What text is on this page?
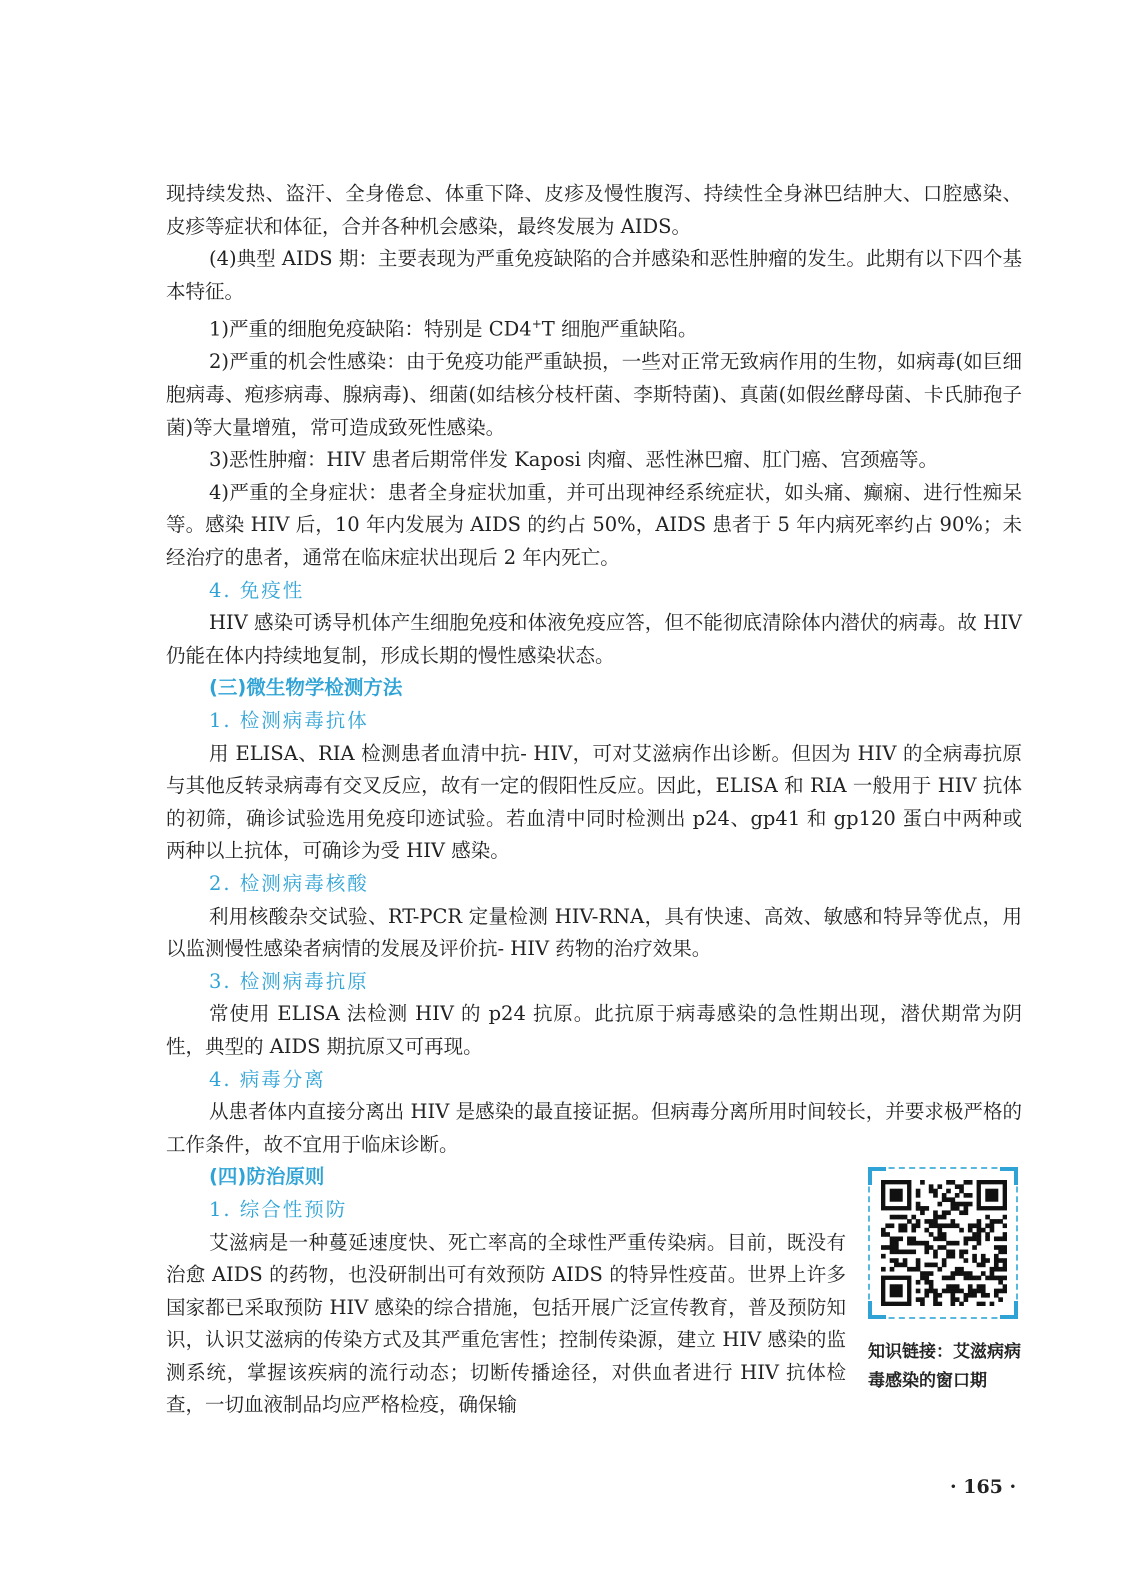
现持续发热、盗汗、全身倦怠、体重下降、皮疹及慢性腹泻、持续性全身淋巴结肿大、口腔感染、皮疹等症状和体征，合并各种机会感染，最终发展为 AIDS。

(4)典型 AIDS 期：主要表现为严重免疫缺陷的合并感染和恶性肿瘤的发生。此期有以下四个基本特征。

1)严重的细胞免疫缺陷：特别是 CD4+T 细胞严重缺陷。

2)严重的机会性感染：由于免疫功能严重缺损，一些对正常无致病作用的生物，如病毒(如巨细胞病毒、疱疹病毒、腺病毒)、细菌(如结核分枝杆菌、李斯特菌)、真菌(如假丝酵母菌、卡氏肺孢子菌)等大量增殖，常可造成致死性感染。

3)恶性肿瘤：HIV 患者后期常伴发 Kaposi 肉瘤、恶性淋巴瘤、肛门癌、宫颈癌等。

4)严重的全身症状：患者全身症状加重，并可出现神经系统症状，如头痛、癫痫、进行性痴呆等。感染 HIV 后，10 年内发展为 AIDS 的约占 50%，AIDS 患者于 5 年内病死率约占 90%；未经治疗的患者，通常在临床症状出现后 2 年内死亡。

4. 免疫性

HIV 感染可诱导机体产生细胞免疫和体液免疫应答，但不能彻底清除体内潜伏的病毒。故 HIV 仍能在体内持续地复制，形成长期的慢性感染状态。

(三)微生物学检测方法
1. 检测病毒抗体

用 ELISA、RIA 检测患者血清中抗- HIV，可对艾滋病作出诊断。但因为 HIV 的全病毒抗原与其他反转录病毒有交叉反应，故有一定的假阳性反应。因此，ELISA 和 RIA 一般用于 HIV 抗体的初筛，确诊试验选用免疫印迹试验。若血清中同时检测出 p24、gp41 和 gp120 蛋白中两种或两种以上抗体，可确诊为受 HIV 感染。

2. 检测病毒核酸

利用核酸杂交试验、RT-PCR 定量检测 HIV-RNA，具有快速、高效、敏感和特异等优点，用以监测慢性感染者病情的发展及评价抗- HIV 药物的治疗效果。

3. 检测病毒抗原

常使用 ELISA 法检测 HIV 的 p24 抗原。此抗原于病毒感染的急性期出现，潜伏期常为阴性，典型的 AIDS 期抗原又可再现。

4. 病毒分离

从患者体内直接分离出 HIV 是感染的最直接证据。但病毒分离所用时间较长，并要求极严格的工作条件，故不宜用于临床诊断。

(四)防治原则
1. 综合性预防

艾滋病是一种蔓延速度快、死亡率高的全球性严重传染病。目前，既没有治愈 AIDS 的药物，也没研制出可有效预防 AIDS 的特异性疫苗。世界上许多国家都已采取预防 HIV 感染的综合措施，包括开展广泛宣传教育，普及预防知识，认识艾滋病的传染方式及其严重危害性；控制传染源，建立 HIV 感染的监测系统，掌握该疾病的流行动态；切断传播途径，对供血者进行 HIV 抗体检查，一切血液制品均应严格检疫，确保输

知识链接：艾滋病病毒感染的窗口期
· 165 ·
